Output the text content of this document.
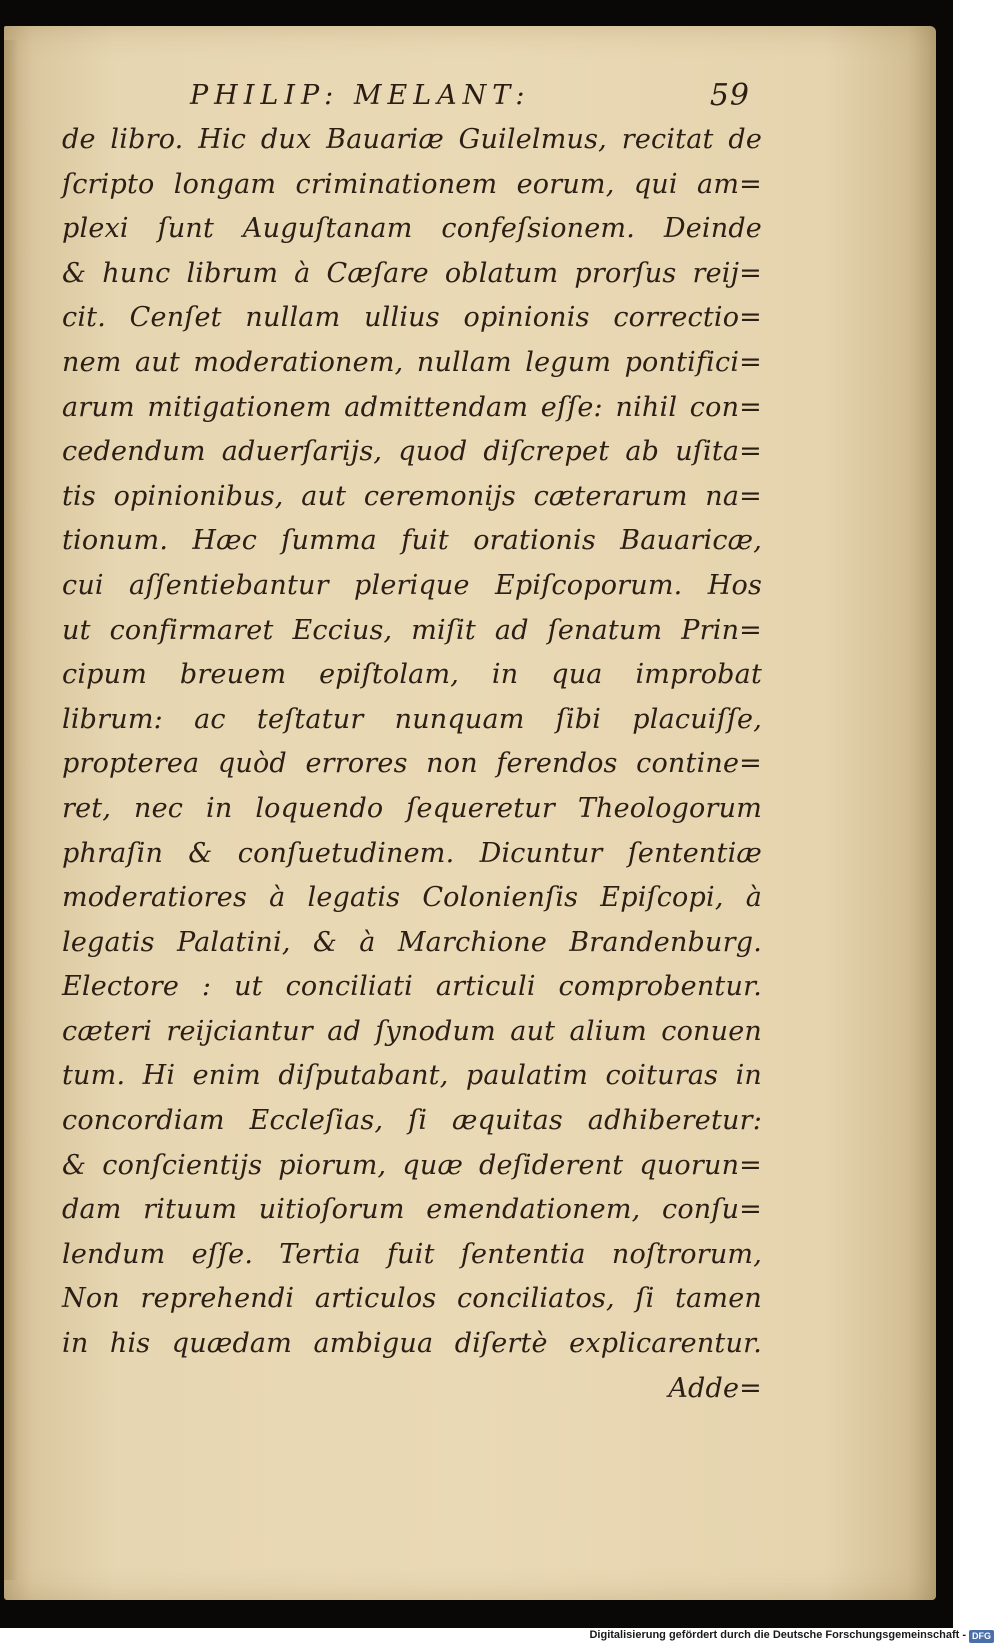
PHILIP: MELANT:	59
de libro. Hic dux Bauariæ Guilelmus, recitat de
ſcripto longam criminationem eorum, qui am=
plexi ſunt Auguſtanam confeſsionem. Deinde
& hunc librum à Cæſare oblatum prorſus reij=
cit. Cenſet nullam ullius opinionis correctio=
nem aut moderationem, nullam legum pontifici=
arum mitigationem admittendam eſſe: nihil con=
cedendum aduerſarijs, quod diſcrepet ab uſita=
tis opinionibus, aut ceremonijs cæterarum na=
tionum. Hæc ſumma fuit orationis Bauaricæ,
cui aſſentiebantur plerique Epiſcoporum. Hos
ut confirmaret Eccius, miſit ad ſenatum Prin=
cipum breuem epiſtolam, in qua improbat
librum: ac teſtatur nunquam ſibi placuiſſe,
propterea quòd errores non ferendos contine=
ret, nec in loquendo ſequeretur Theologorum
phraſin & conſuetudinem. Dicuntur ſententiæ
moderatiores à legatis Colonienſis Epiſcopi, à
legatis Palatini, & à Marchione Brandenburg.
Electore : ut conciliati articuli comprobentur.
cæteri reijciantur ad ſynodum aut alium conuen
tum. Hi enim diſputabant, paulatim coituras in
concordiam Eccleſias, ſi æquitas adhiberetur:
& conſcientijs piorum, quæ deſiderent quorun=
dam rituum uitioſorum emendationem, conſu=
lendum eſſe. Tertia fuit ſententia noſtrorum,
Non reprehendi articulos conciliatos, ſi tamen
in his quædam ambigua diſertè explicarentur.
Adde=
Digitalisierung gefördert durch die Deutsche Forschungsgemeinschaft - DFG
